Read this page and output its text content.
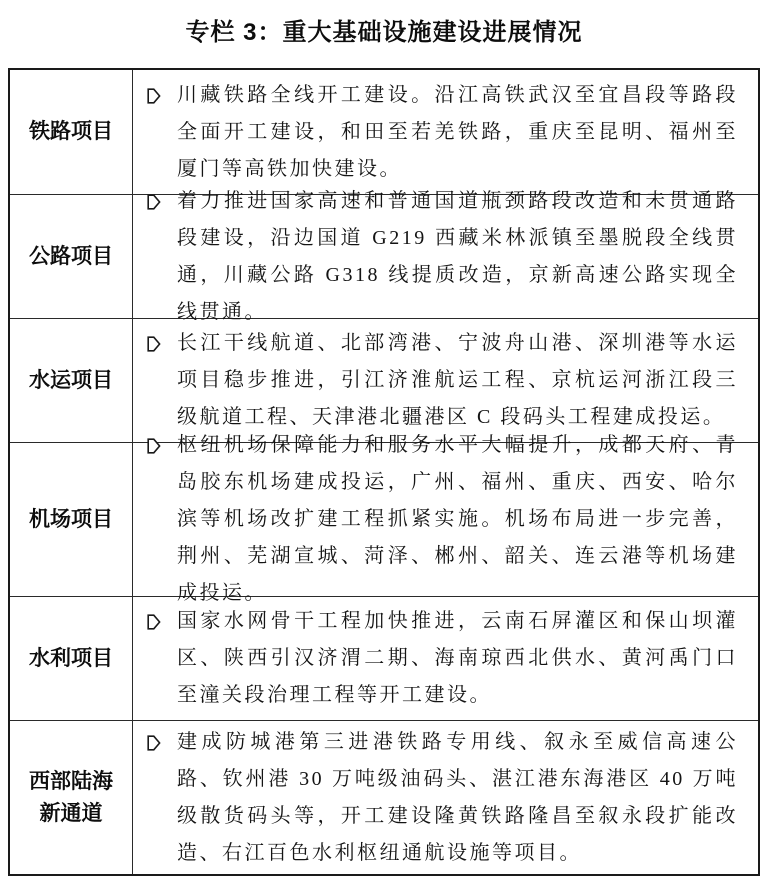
专栏 3：重大基础设施建设进展情况
铁路项目
川藏铁路全线开工建设。沿江高铁武汉至宜昌段等路段全面开工建设，和田至若羌铁路，重庆至昆明、福州至厦门等高铁加快建设。
公路项目
着力推进国家高速和普通国道瓶颈路段改造和未贯通路段建设，沿边国道 G219 西藏米林派镇至墨脱段全线贯通，川藏公路 G318 线提质改造，京新高速公路实现全线贯通。
水运项目
长江干线航道、北部湾港、宁波舟山港、深圳港等水运项目稳步推进，引江济淮航运工程、京杭运河浙江段三级航道工程、天津港北疆港区 C 段码头工程建成投运。
机场项目
枢纽机场保障能力和服务水平大幅提升，成都天府、青岛胶东机场建成投运，广州、福州、重庆、西安、哈尔滨等机场改扩建工程抓紧实施。机场布局进一步完善，荆州、芜湖宣城、菏泽、郴州、韶关、连云港等机场建成投运。
水利项目
国家水网骨干工程加快推进，云南石屏灌区和保山坝灌区、陕西引汉济渭二期、海南琼西北供水、黄河禹门口至潼关段治理工程等开工建设。
西部陆海新通道
建成防城港第三进港铁路专用线、叙永至威信高速公路、钦州港 30 万吨级油码头、湛江港东海港区 40 万吨级散货码头等，开工建设隆黄铁路隆昌至叙永段扩能改造、右江百色水利枢纽通航设施等项目。
